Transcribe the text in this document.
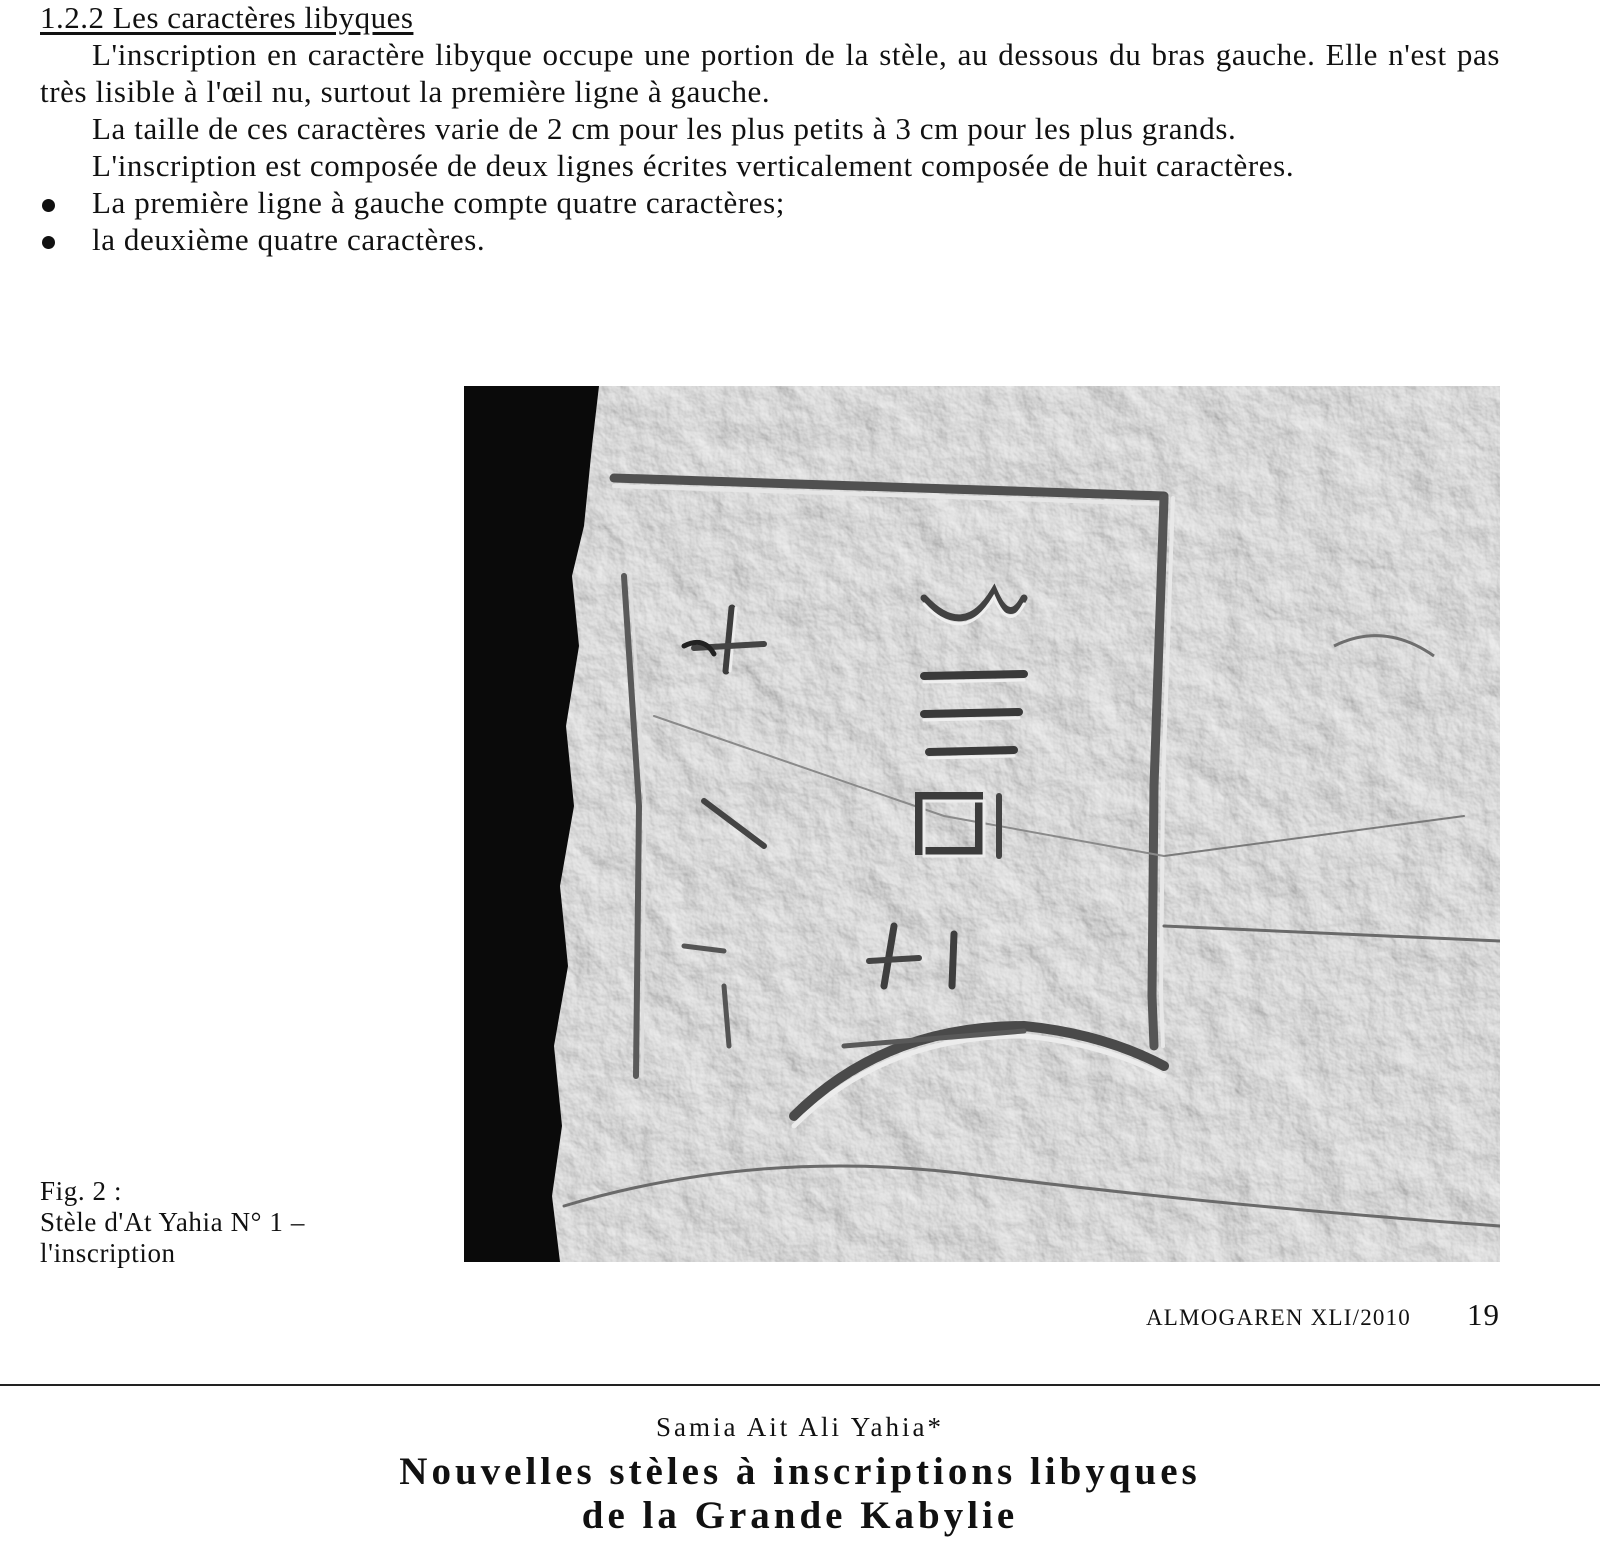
1.2.2 Les caractères libyques

L'inscription en caractère libyque occupe une portion de la stèle, au dessous du bras gauche. Elle n'est pas très lisible à l'œil nu, surtout la première ligne à gauche.

La taille de ces caractères varie de 2 cm pour les plus petits à 3 cm pour les plus grands.

L'inscription est composée de deux lignes écrites verticalement composée de huit caractères.

La première ligne à gauche compte quatre caractères;
la deuxième quatre caractères.
Fig. 2 :
Stèle d'At Yahia N° 1 –
l'inscription
ALMOGAREN XLI/2010 19
Samia Ait Ali Yahia*
Nouvelles stèles à inscriptions libyques
de la Grande Kabylie
